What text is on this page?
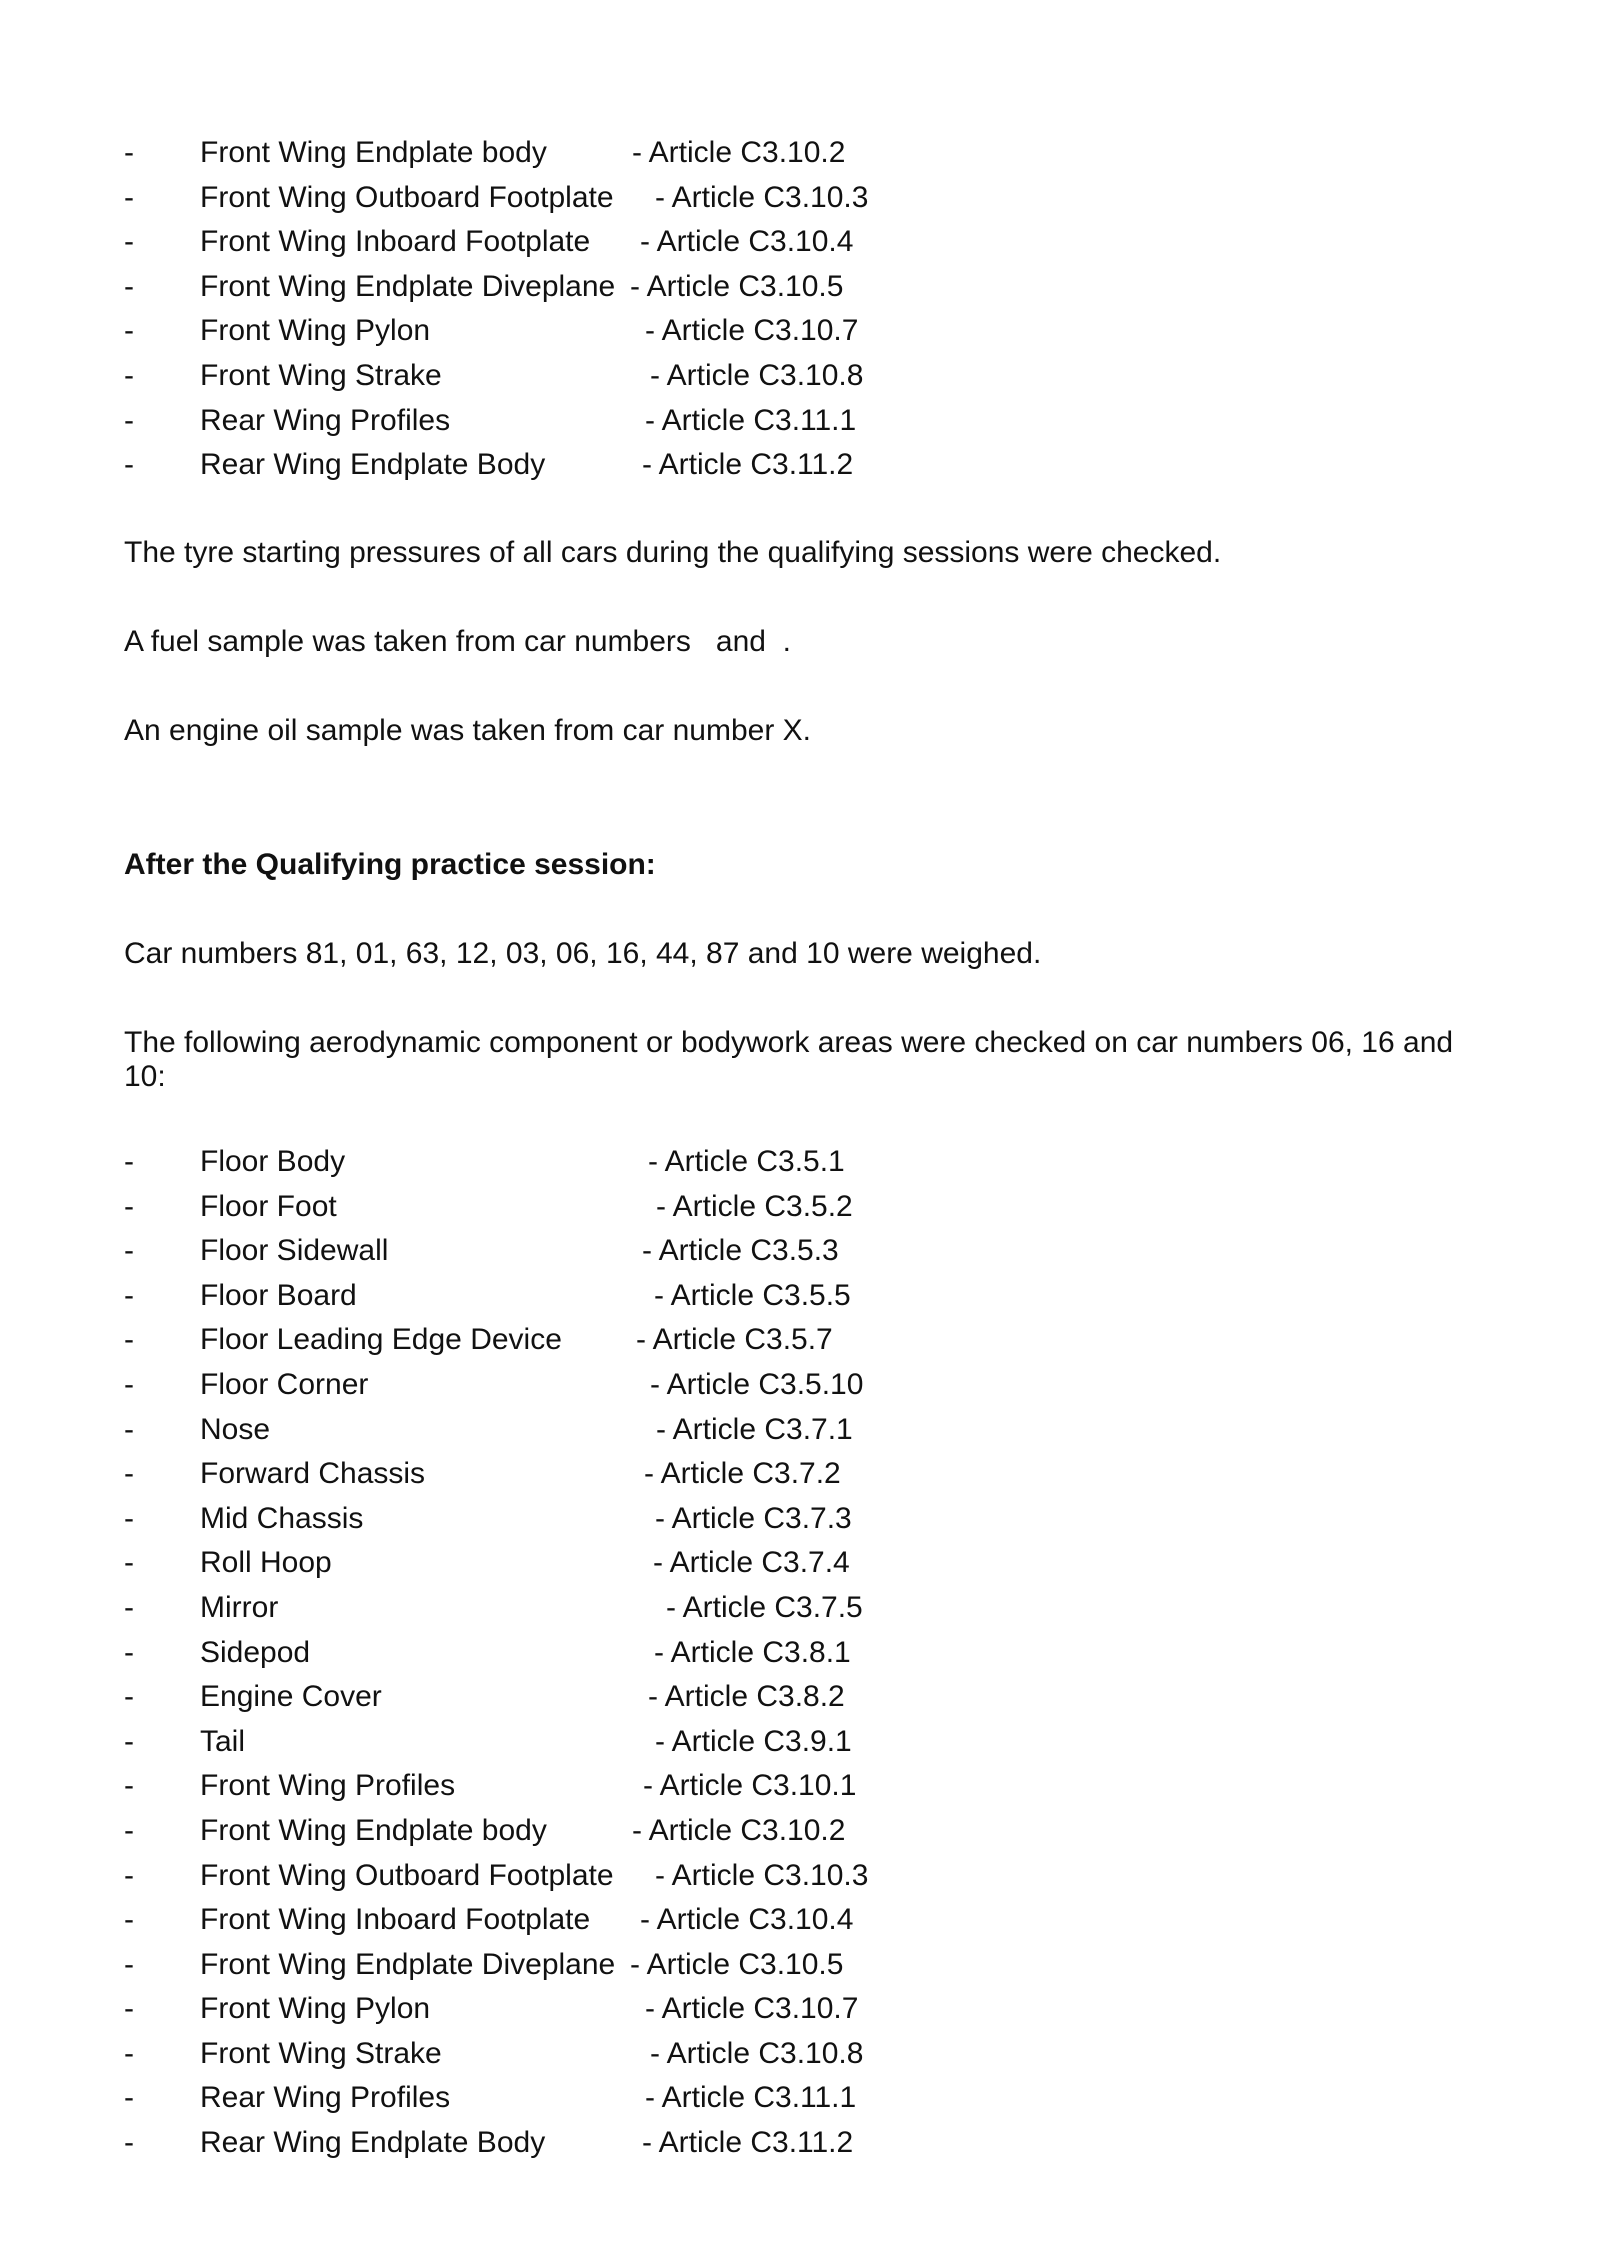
- Front Wing Endplate body	- Article C3.10.2
- Front Wing Outboard Footplate - Article C3.10.3
- Front Wing Inboard Footplate - Article C3.10.4
- Front Wing Endplate Diveplane - Article C3.10.5
- Front Wing Pylon	- Article C3.10.7
- Front Wing Strake	- Article C3.10.8
- Rear Wing Profiles	- Article C3.11.1
- Rear Wing Endplate Body	- Article C3.11.2

The tyre starting pressures of all cars during the qualifying sessions were checked.

A fuel sample was taken from car numbers   and  .

An engine oil sample was taken from car number X.

After the Qualifying practice session:

Car numbers 81, 01, 63, 12, 03, 06, 16, 44, 87 and 10 were weighed.

The following aerodynamic component or bodywork areas were checked on car numbers 06, 16 and 10:

- Floor Body	- Article C3.5.1
- Floor Foot	- Article C3.5.2
- Floor Sidewall	- Article C3.5.3
- Floor Board	- Article C3.5.5
- Floor Leading Edge Device - Article C3.5.7
- Floor Corner	- Article C3.5.10
- Nose	- Article C3.7.1
- Forward Chassis	- Article C3.7.2
- Mid Chassis	- Article C3.7.3
- Roll Hoop	- Article C3.7.4
- Mirror	- Article C3.7.5
- Sidepod	- Article C3.8.1
- Engine Cover	- Article C3.8.2
- Tail	- Article C3.9.1
- Front Wing Profiles	- Article C3.10.1
- Front Wing Endplate body	- Article C3.10.2
- Front Wing Outboard Footplate - Article C3.10.3
- Front Wing Inboard Footplate - Article C3.10.4
- Front Wing Endplate Diveplane - Article C3.10.5
- Front Wing Pylon	- Article C3.10.7
- Front Wing Strake	- Article C3.10.8
- Rear Wing Profiles	- Article C3.11.1
- Rear Wing Endplate Body	- Article C3.11.2
